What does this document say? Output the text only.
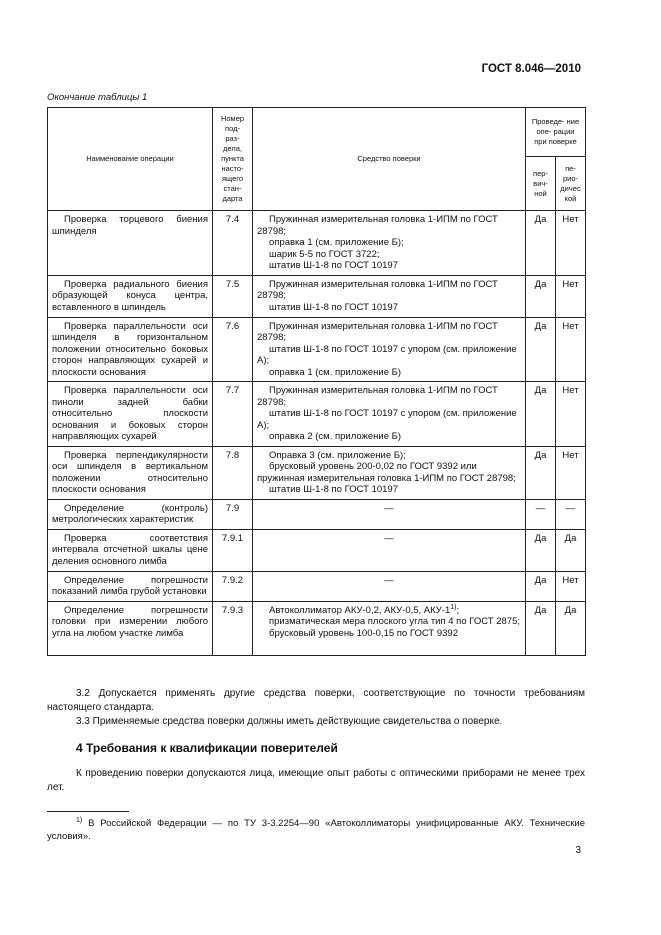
ГОСТ 8.046—2010
Окончание таблицы 1
Наименование операции	Номер под- раз- дела, пункта насто- ящего стан- дарта	Средство поверки	Проведе- ние опе- рации при поверке	
			пер- вич- ной	пе- рио- дичес кой
Проверка торцевого биения шпинделя	7.4	Пружинная измерительная головка 1-ИПМ по ГОСТ 28798;
оправка 1 (см. приложение Б);
шарик 5-5 по ГОСТ 3722;
штатив Ш-1-8 по ГОСТ 10197	Да	Нет
Проверка радиального биения образующей конуса центра, вставленного в шпиндель	7.5	Пружинная измерительная головка 1-ИПМ по ГОСТ 28798;
штатив Ш-1-8 по ГОСТ 10197	Да	Нет
Проверка параллельности оси шпинделя в горизонтальном положении относительно боковых сторон направляющих сухарей и плоскости основания	7.6	Пружинная измерительная головка 1-ИПМ по ГОСТ 28798;
штатив Ш-1-8 по ГОСТ 10197 с упором (см. приложение А);
оправка 1 (см. приложение Б)	Да	Нет
Проверка параллельности оси пиноли задней бабки относительно плоскости основания и боковых сторон направляющих сухарей	7.7	Пружинная измерительная головка 1-ИПМ по ГОСТ 28798;
штатив Ш-1-8 по ГОСТ 10197 с упором (см. приложение А);
оправка 2 (см. приложение Б)	Да	Нет
Проверка перпендикулярности оси шпинделя в вертикальном положении относительно плоскости основания	7.8	Оправка 3 (см. приложение Б);
брусковый уровень 200-0,02 по ГОСТ 9392 или пружинная измерительная головка 1-ИПМ по ГОСТ 28798;
штатив Ш-1-8 по ГОСТ 10197	Да	Нет
Определение (контроль) метрологических характеристик	7.9	—	—	—
Проверка соответствия интервала отсчетной шкалы цене деления основного лимба	7.9.1	—	Да	Да
Определение погрешности показаний лимба грубой установки	7.9.2	—	Да	Нет
Определение погрешности головки при измерении любого угла на любом участке лимба	7.9.3	Автоколлиматор АКУ-0,2, АКУ-0,5, АКУ-1$^{1)}$;
призматическая мера плоского угла тип 4 по ГОСТ 2875;
брусковый уровень 100-0,15 по ГОСТ 9392	Да	Да
3.2 Допускается применять другие средства поверки, соответствующие по точности требованиям настоящего стандарта.
3.3 Применяемые средства поверки должны иметь действующие свидетельства о поверке.
4 Требования к квалификации поверителей
К проведению поверки допускаются лица, имеющие опыт работы с оптическими приборами не менее трех лет.
$^{1)}$ В Российской Федерации — по ТУ 3-3.2254—90 «Автоколлиматоры унифицированные АКУ. Технические условия».
3
